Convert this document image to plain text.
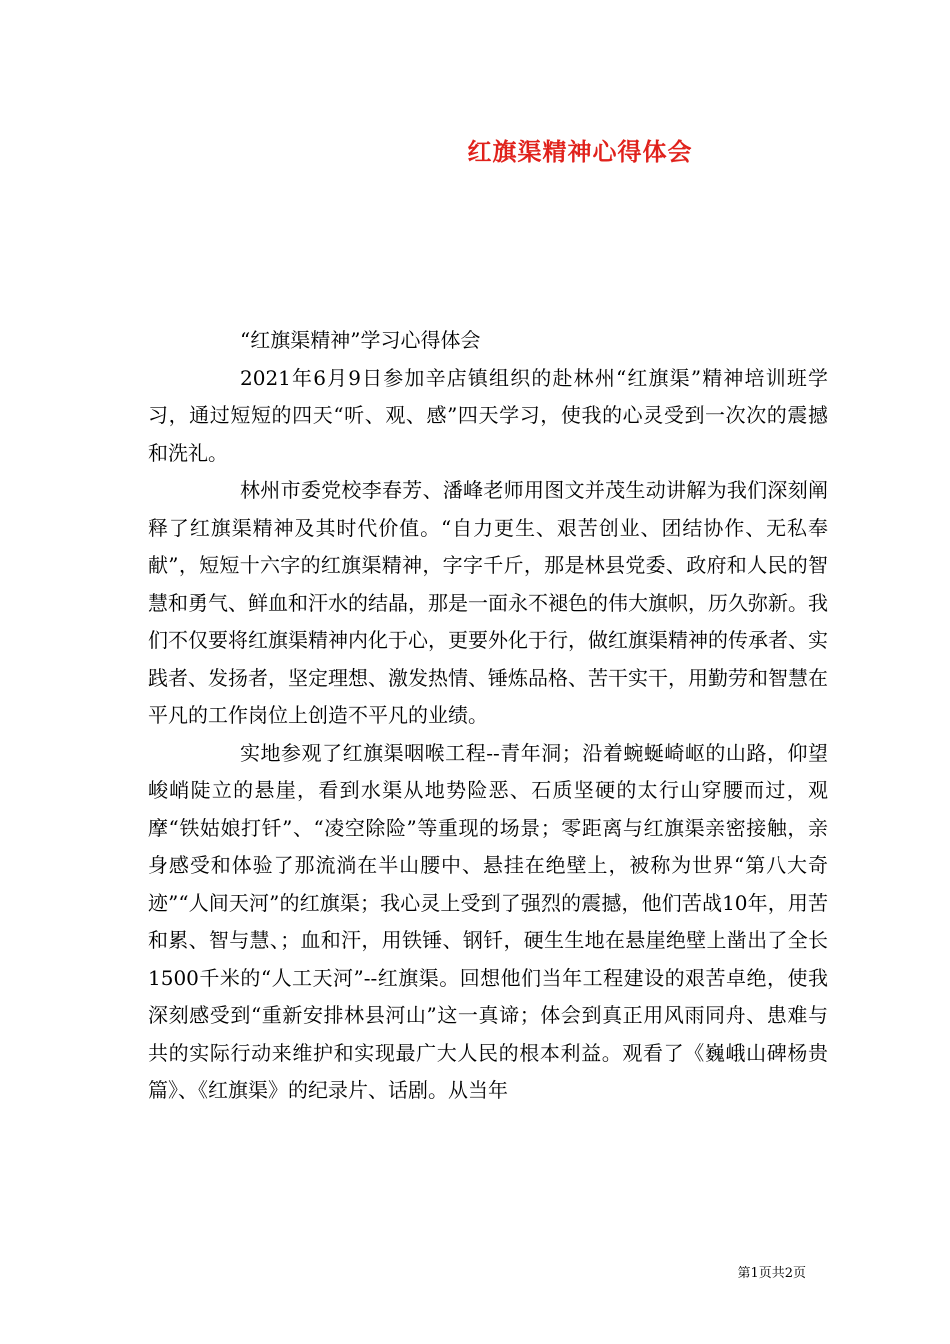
红旗渠精神心得体会

“红旗渠精神”学习心得体会

2021年6月9日参加辛店镇组织的赴林州“红旗渠”精神培训班学习，通过短短的四天“听、观、感”四天学习，使我的心灵受到一次次的震撼和洗礼。

林州市委党校李春芳、潘峰老师用图文并茂生动讲解为我们深刻阐释了红旗渠精神及其时代价值。“自力更生、艰苦创业、团结协作、无私奉献”，短短十六字的红旗渠精神，字字千斤，那是林县党委、政府和人民的智慧和勇气、鲜血和汗水的结晶，那是一面永不褪色的伟大旗帜，历久弥新。我们不仅要将红旗渠精神内化于心，更要外化于行，做红旗渠精神的传承者、实践者、发扬者，坚定理想、激发热情、锤炼品格、苦干实干，用勤劳和智慧在平凡的工作岗位上创造不平凡的业绩。

实地参观了红旗渠咽喉工程--青年洞；沿着蜿蜒崎岖的山路，仰望峻峭陡立的悬崖，看到水渠从地势险恶、石质坚硬的太行山穿腰而过，观摩“铁姑娘打钎”、“凌空除险”等重现的场景；零距离与红旗渠亲密接触，亲身感受和体验了那流淌在半山腰中、悬挂在绝壁上，被称为世界“第八大奇迹”“人间天河”的红旗渠；我心灵上受到了强烈的震撼，他们苦战10年，用苦和累、智与慧、；血和汗，用铁锤、钢钎，硬生生地在悬崖绝壁上凿出了全长1500千米的“人工天河”--红旗渠。回想他们当年工程建设的艰苦卓绝，使我深刻感受到“重新安排林县河山”这一真谛；体会到真正用风雨同舟、患难与共的实际行动来维护和实现最广大人民的根本利益。观看了《巍峨山碑杨贵篇》、《红旗渠》的纪录片、话剧。从当年

第1页共2页
